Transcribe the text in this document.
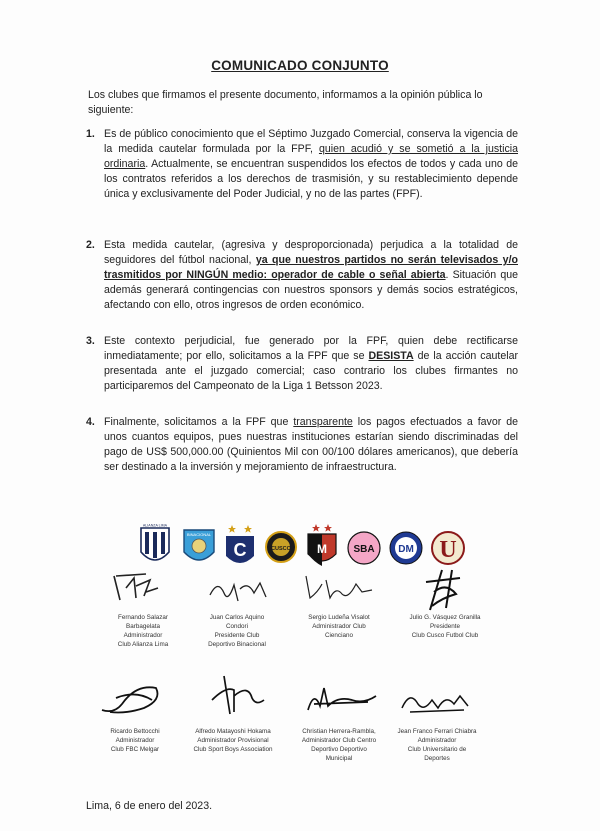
COMUNICADO CONJUNTO
Los clubes que firmamos el presente documento, informamos a la opinión pública lo siguiente:
1. Es de público conocimiento que el Séptimo Juzgado Comercial, conserva la vigencia de la medida cautelar formulada por la FPF, quien acudió y se sometió a la justicia ordinaria. Actualmente, se encuentran suspendidos los efectos de todos y cada uno de los contratos referidos a los derechos de trasmisión, y su restablecimiento depende única y exclusivamente del Poder Judicial, y no de las partes (FPF).
2. Esta medida cautelar, (agresiva y desproporcionada) perjudica a la totalidad de seguidores del fútbol nacional, ya que nuestros partidos no serán televisados y/o trasmitidos por NINGÚN medio: operador de cable o señal abierta. Situación que además generará contingencias con nuestros sponsors y demás socios estratégicos, afectando con ello, otros ingresos de orden económico.
3. Este contexto perjudicial, fue generado por la FPF, quien debe rectificarse inmediatamente; por ello, solicitamos a la FPF que se DESISTA de la acción cautelar presentada ante el juzgado comercial; caso contrario los clubes firmantes no participaremos del Campeonato de la Liga 1 Betsson 2023.
4. Finalmente, solicitamos a la FPF que transparente los pagos efectuados a favor de unos cuantos equipos, pues nuestras instituciones estarían siendo discriminadas del pago de US$ 500,000.00 (Quinientos Mil con 00/100 dólares americanos), que debería ser destinado a la inversión y mejoramiento de infraestructura.
ALIANZA LIMA
BINACIONAL
C	CUSCO M	SBA DM U
Fernando Salazar
Barbagelata
Administrador
Club Alianza Lima
Juan Carlos Aquino
Condori
Presidente Club
Deportivo Binacional
Sergio Ludeña Visalot
Administrador Club
Cienciano
Julio G. Vásquez Granilla
Presidente
Club Cusco Futbol Club
Ricardo Bettocchi
Administrador
Club FBC Melgar
Alfredo Matayoshi Hokama
Administrador Provisional
Club Sport Boys Association
Christian Herrera-Rambla,
Administrador Club Centro
Deportivo Deportivo
Municipal
Jean Franco Ferrari Chiabra
Administrador
Club Universitario de
Deportes
Lima, 6 de enero del 2023.
